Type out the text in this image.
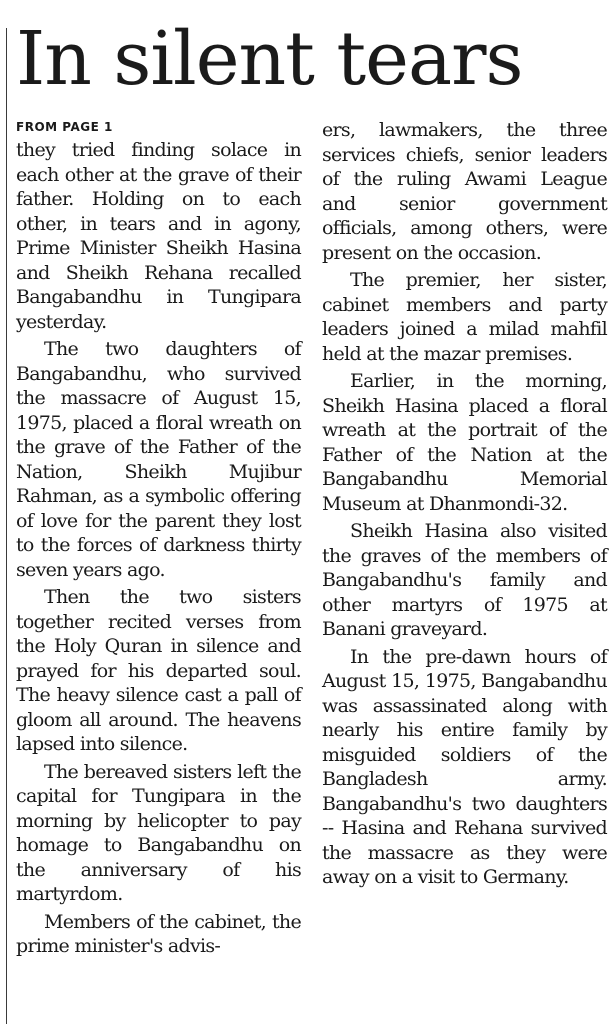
In silent tears
FROM PAGE 1

they tried finding solace in each other at the grave of their father. Holding on to each other, in tears and in agony, Prime Minister Sheikh Hasina and Sheikh Rehana recalled Bangabandhu in Tungipara yesterday.

The two daughters of Bangabandhu, who survived the massacre of August 15, 1975, placed a floral wreath on the grave of the Father of the Nation, Sheikh Mujibur Rahman, as a symbolic offering of love for the parent they lost to the forces of darkness thirty seven years ago.

Then the two sisters together recited verses from the Holy Quran in silence and prayed for his departed soul. The heavy silence cast a pall of gloom all around. The heavens lapsed into silence.

The bereaved sisters left the capital for Tungipara in the morning by helicopter to pay homage to Bangabandhu on the anniversary of his martyrdom.

Members of the cabinet, the prime minister's advis-

ers, lawmakers, the three services chiefs, senior leaders of the ruling Awami League and senior government officials, among others, were present on the occasion.

The premier, her sister, cabinet members and party leaders joined a milad mahfil held at the mazar premises.

Earlier, in the morning, Sheikh Hasina placed a floral wreath at the portrait of the Father of the Nation at the Bangabandhu Memorial Museum at Dhanmondi-32.

Sheikh Hasina also visited the graves of the members of Bangabandhu's family and other martyrs of 1975 at Banani graveyard.

In the pre-dawn hours of August 15, 1975, Bangabandhu was assassinated along with nearly his entire family by misguided soldiers of the Bangladesh army. Bangabandhu's two daughters -- Hasina and Rehana survived the massacre as they were away on a visit to Germany.
